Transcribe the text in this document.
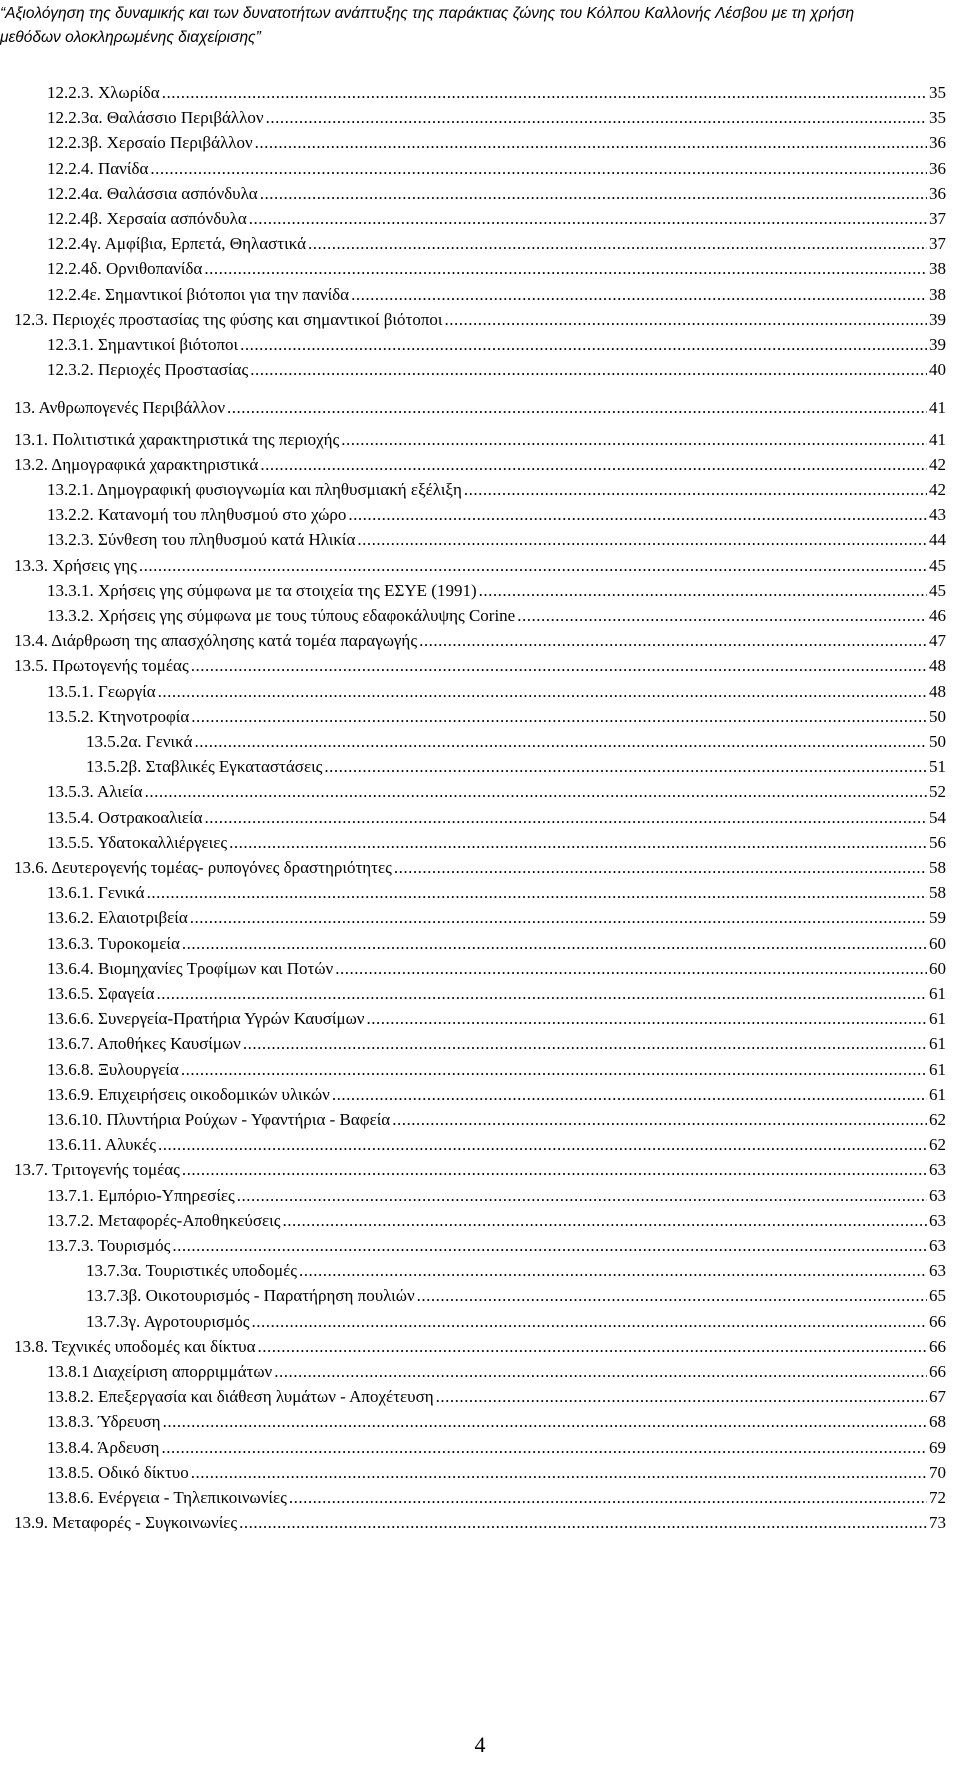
“Αξιολόγηση της δυναμικής και των δυνατοτήτων ανάπτυξης της παράκτιας ζώνης του Κόλπου Καλλονής Λέσβου με τη χρήση
μεθόδων ολοκληρωμένης διαχείρισης”
12.2.3. Χλωρίδα .....	35
12.2.3α. Θαλάσσιο Περιβάλλον .....	35
12.2.3β. Χερσαίο Περιβάλλον .....	36
12.2.4. Πανίδα .....	36
12.2.4α. Θαλάσσια ασπόνδυλα .....	36
12.2.4β. Χερσαία ασπόνδυλα .....	37
12.2.4γ. Αμφίβια, Ερπετά, Θηλαστικά .....	37
12.2.4δ. Ορνιθοπανίδα .....	38
12.2.4ε. Σημαντικοί βιότοποι για την πανίδα .....	38
12.3. Περιοχές προστασίας της φύσης και σημαντικοί βιότοποι .....	39
12.3.1. Σημαντικοί βιότοποι .....	39
12.3.2. Περιοχές Προστασίας .....	40
13. Ανθρωπογενές Περιβάλλον .....	41
13.1. Πολιτιστικά χαρακτηριστικά της περιοχής .....	41
13.2. Δημογραφικά χαρακτηριστικά .....	42
13.2.1. Δημογραφική φυσιογνωμία και πληθυσμιακή εξέλιξη .....	42
13.2.2. Κατανομή του πληθυσμού στο χώρο .....	43
13.2.3. Σύνθεση του πληθυσμού κατά Ηλικία .....	44
13.3. Χρήσεις γης .....	45
13.3.1. Χρήσεις γης σύμφωνα με τα στοιχεία της ΕΣΥΕ (1991) .....	45
13.3.2. Χρήσεις γης σύμφωνα με τους τύπους εδαφοκάλυψης Corine .....	46
13.4. Διάρθρωση της απασχόλησης κατά τομέα παραγωγής .....	47
13.5. Πρωτογενής τομέας .....	48
13.5.1. Γεωργία .....	48
13.5.2. Κτηνοτροφία .....	50
13.5.2α. Γενικά .....	50
13.5.2β. Σταβλικές Εγκαταστάσεις .....	51
13.5.3. Αλιεία .....	52
13.5.4. Οστρακοαλιεία .....	54
13.5.5. Υδατοκαλλιέργειες .....	56
13.6. Δευτερογενής τομέας- ρυπογόνες δραστηριότητες .....	58
13.6.1. Γενικά .....	58
13.6.2. Ελαιοτριβεία .....	59
13.6.3. Τυροκομεία .....	60
13.6.4. Βιομηχανίες Τροφίμων και Ποτών .....	60
13.6.5. Σφαγεία .....	61
13.6.6. Συνεργεία-Πρατήρια Υγρών Καυσίμων .....	61
13.6.7. Αποθήκες Καυσίμων .....	61
13.6.8. Ξυλουργεία .....	61
13.6.9. Επιχειρήσεις οικοδομικών υλικών .....	61
13.6.10. Πλυντήρια Ρούχων - Υφαντήρια - Βαφεία .....	62
13.6.11. Αλυκές .....	62
13.7. Τριτογενής τομέας .....	63
13.7.1. Εμπόριο-Υπηρεσίες .....	63
13.7.2. Μεταφορές-Αποθηκεύσεις .....	63
13.7.3. Τουρισμός .....	63
13.7.3α. Τουριστικές υποδομές .....	63
13.7.3β. Οικοτουρισμός - Παρατήρηση πουλιών .....	65
13.7.3γ. Αγροτουρισμός .....	66
13.8. Τεχνικές υποδομές και δίκτυα .....	66
13.8.1 Διαχείριση απορριμμάτων .....	66
13.8.2. Επεξεργασία και διάθεση λυμάτων - Αποχέτευση .....	67
13.8.3. Ύδρευση .....	68
13.8.4. Άρδευση .....	69
13.8.5. Οδικό δίκτυο .....	70
13.8.6. Ενέργεια - Τηλεπικοινωνίες .....	72
13.9. Μεταφορές - Συγκοινωνίες .....	73
4
